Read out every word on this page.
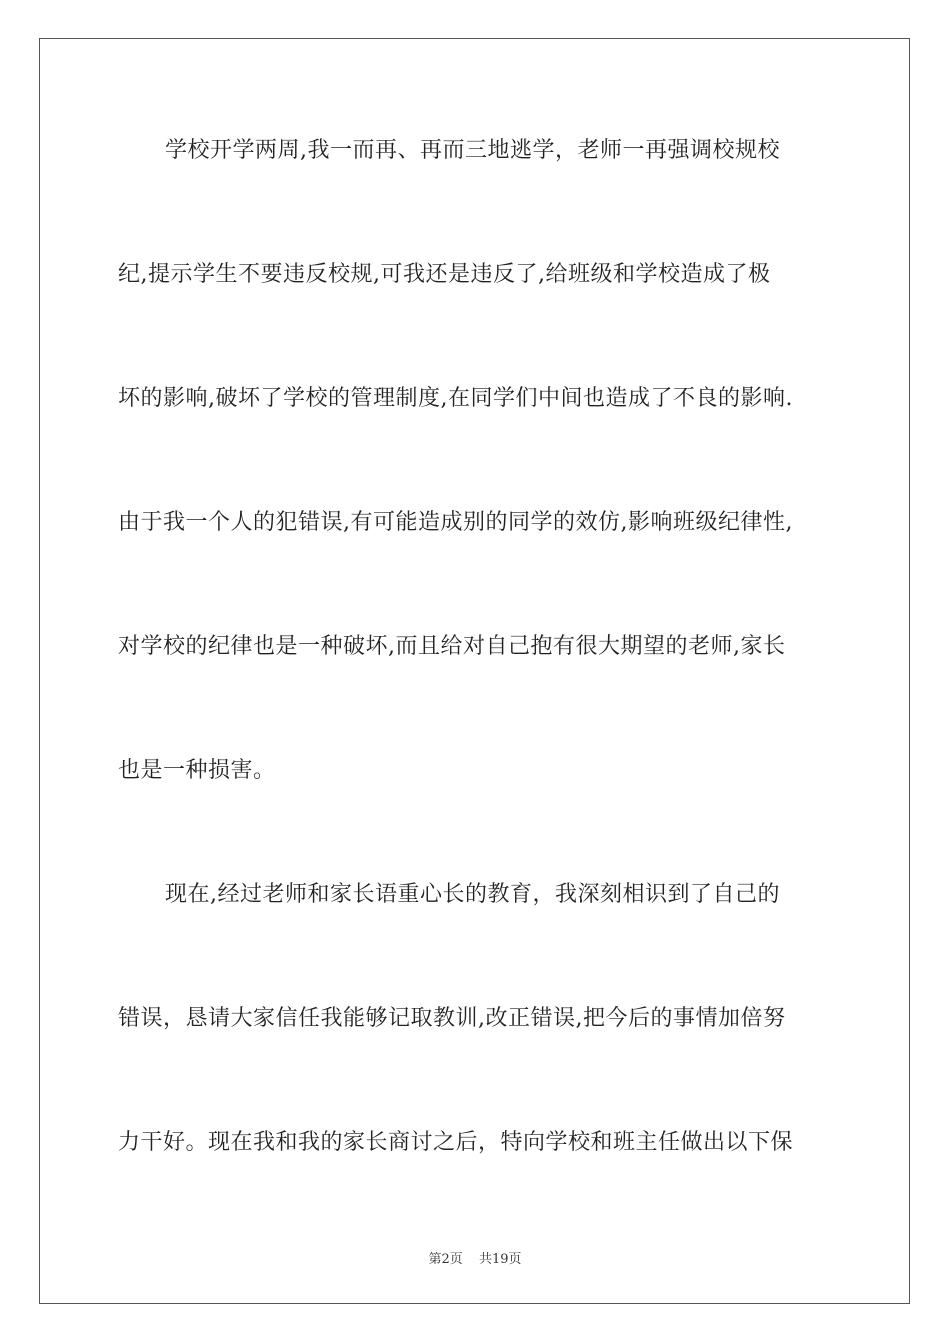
学校开学两周,我一而再、再而三地逃学，老师一再强调校规校
纪,提示学生不要违反校规,可我还是违反了,给班级和学校造成了极
坏的影响,破坏了学校的管理制度,在同学们中间也造成了不良的影响.
由于我一个人的犯错误,有可能造成别的同学的效仿,影响班级纪律性,
对学校的纪律也是一种破坏,而且给对自己抱有很大期望的老师,家长
也是一种损害。
现在,经过老师和家长语重心长的教育，我深刻相识到了自己的
错误，恳请大家信任我能够记取教训,改正错误,把今后的事情加倍努
力干好。现在我和我的家长商讨之后，特向学校和班主任做出以下保
第2页 共19页
